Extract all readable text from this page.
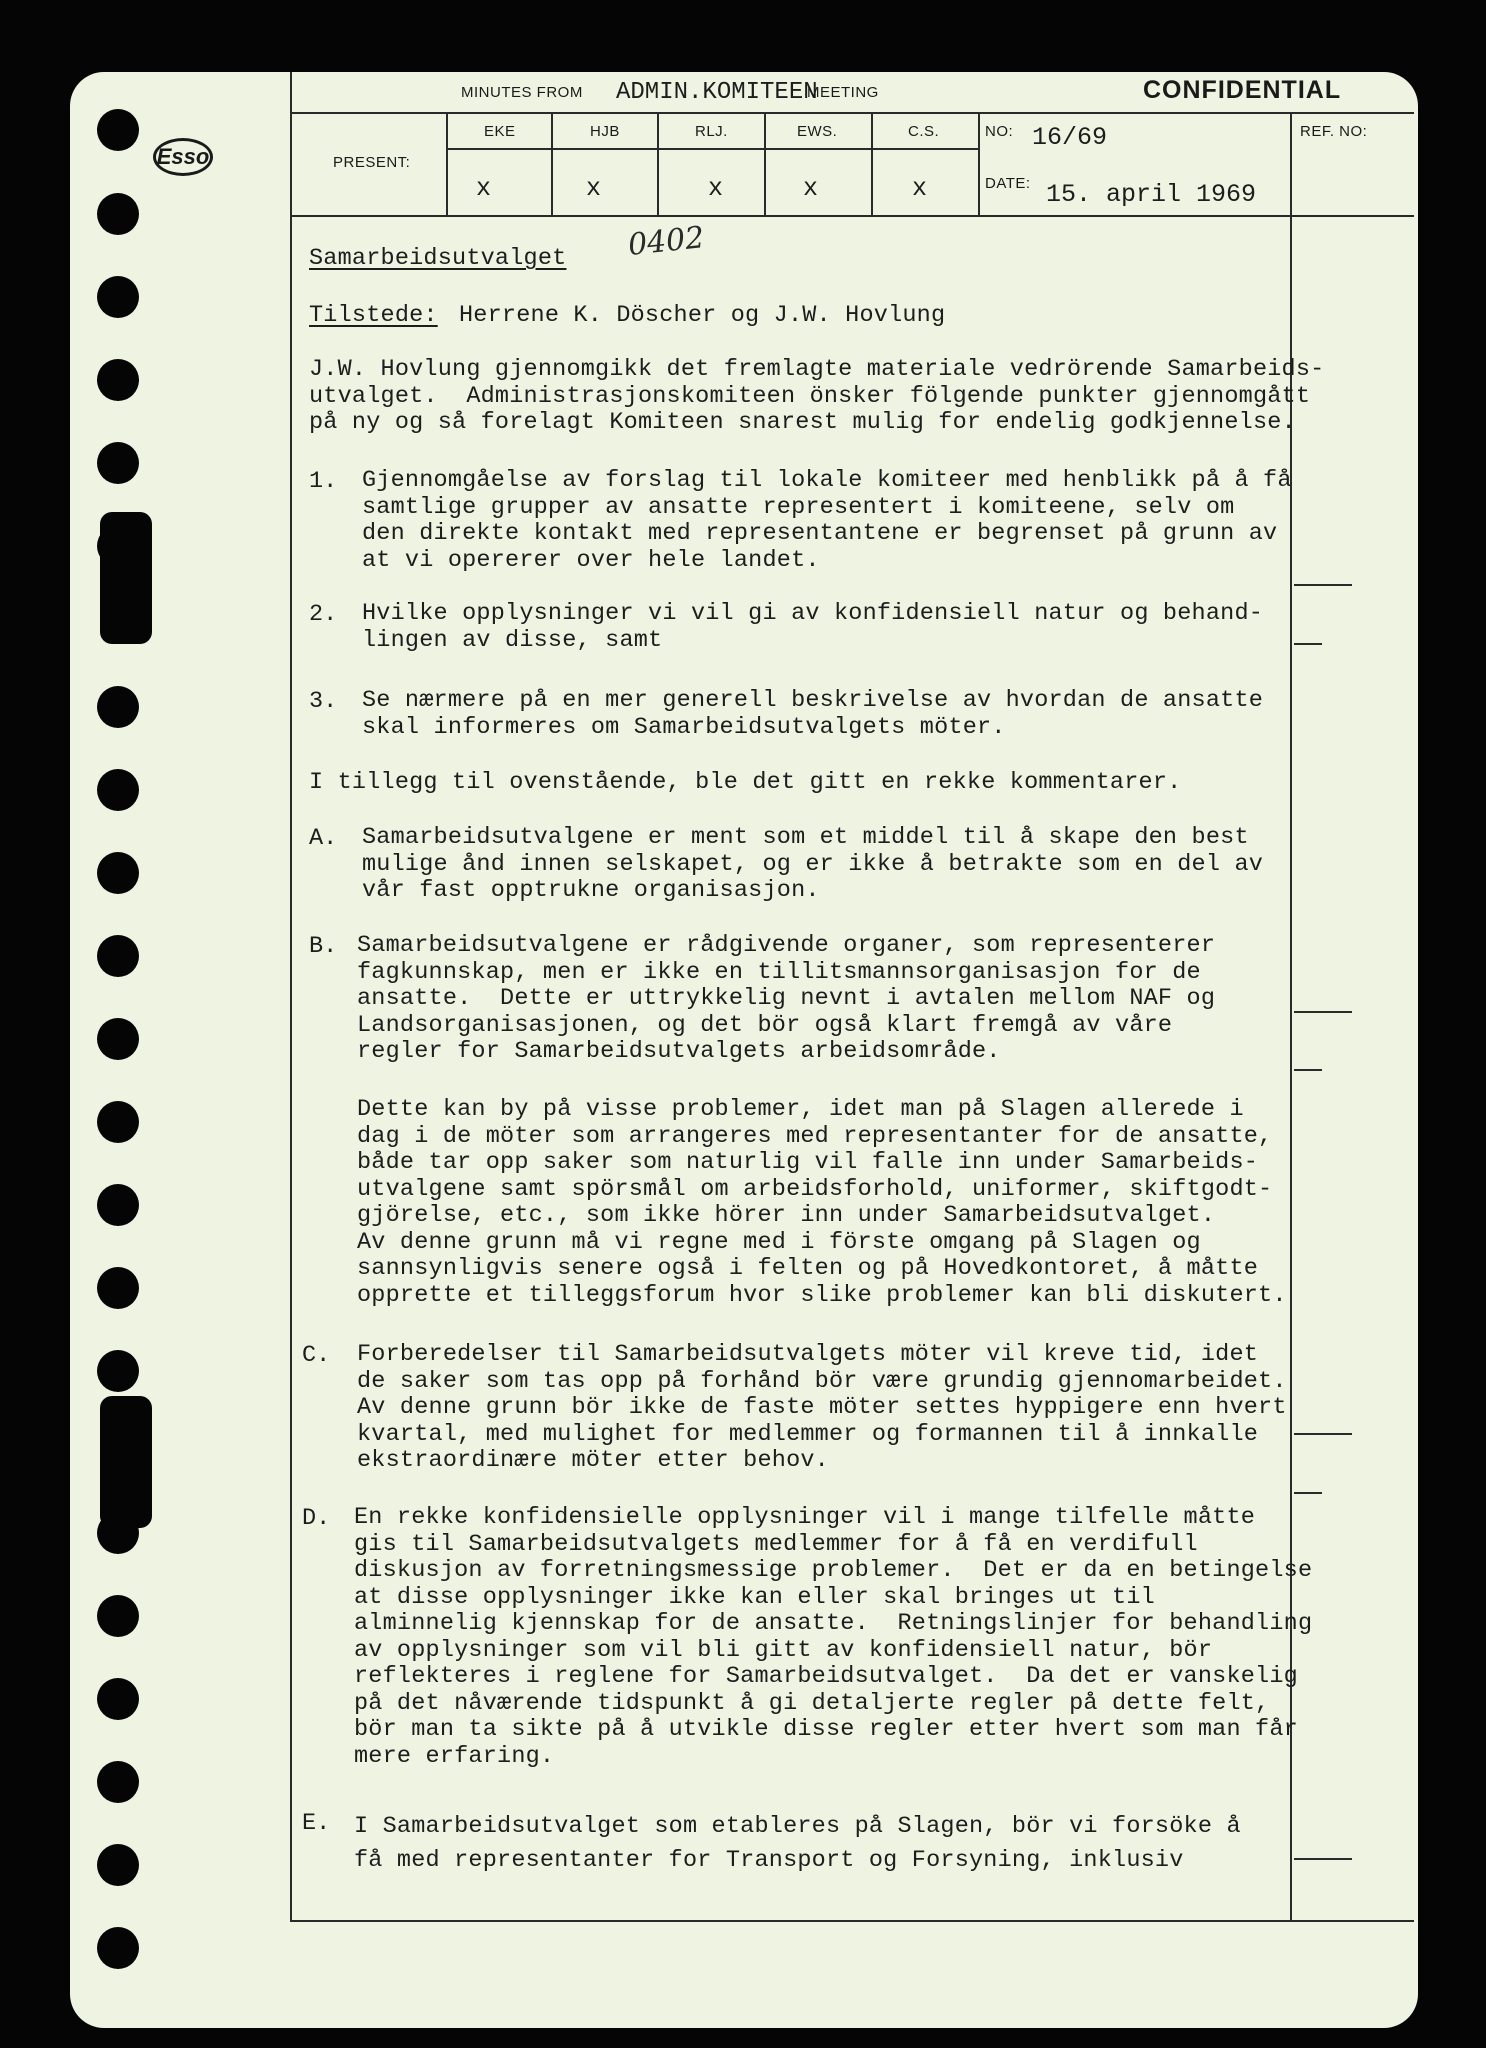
Esso
MINUTES FROM ADMIN.KOMITEEN
MEETING	CONFIDENTIAL
PRESENT:
EKE
x
HJB
x
RLJ.
x
EWS.
x
C.S.
x
NO: 16/69
DATE: 15. april 1969
REF. NO:
0402
Samarbeidsutvalget
Tilstede: Herrene K. Döscher og J.W. Hovlung
J.W. Hovlung gjennomgikk det fremlagte materiale vedrörende Samarbeids-
utvalget.  Administrasjonskomiteen önsker fölgende punkter gjennomgått
på ny og så forelagt Komiteen snarest mulig for endelig godkjennelse.
1. Gjennomgåelse av forslag til lokale komiteer med henblikk på å få
samtlige grupper av ansatte representert i komiteene, selv om
den direkte kontakt med representantene er begrenset på grunn av
at vi opererer over hele landet.
2. Hvilke opplysninger vi vil gi av konfidensiell natur og behand-
lingen av disse, samt
3. Se nærmere på en mer generell beskrivelse av hvordan de ansatte
skal informeres om Samarbeidsutvalgets möter.
I tillegg til ovenstående, ble det gitt en rekke kommentarer.
A. Samarbeidsutvalgene er ment som et middel til å skape den best
mulige ånd innen selskapet, og er ikke å betrakte som en del av
vår fast opptrukne organisasjon.
B. Samarbeidsutvalgene er rådgivende organer, som representerer
fagkunnskap, men er ikke en tillitsmannsorganisasjon for de
ansatte.  Dette er uttrykkelig nevnt i avtalen mellom NAF og
Landsorganisasjonen, og det bör også klart fremgå av våre
regler for Samarbeidsutvalgets arbeidsområde.
Dette kan by på visse problemer, idet man på Slagen allerede i
dag i de möter som arrangeres med representanter for de ansatte,
både tar opp saker som naturlig vil falle inn under Samarbeids-
utvalgene samt spörsmål om arbeidsforhold, uniformer, skiftgodt-
gjörelse, etc., som ikke hörer inn under Samarbeidsutvalget.
Av denne grunn må vi regne med i förste omgang på Slagen og
sannsynligvis senere også i felten og på Hovedkontoret, å måtte
opprette et tilleggsforum hvor slike problemer kan bli diskutert.
C. Forberedelser til Samarbeidsutvalgets möter vil kreve tid, idet
de saker som tas opp på forhånd bör være grundig gjennomarbeidet.
Av denne grunn bör ikke de faste möter settes hyppigere enn hvert
kvartal, med mulighet for medlemmer og formannen til å innkalle
ekstraordinære möter etter behov.
D. En rekke konfidensielle opplysninger vil i mange tilfelle måtte
gis til Samarbeidsutvalgets medlemmer for å få en verdifull
diskusjon av forretningsmessige problemer.  Det er da en betingelse
at disse opplysninger ikke kan eller skal bringes ut til
alminnelig kjennskap for de ansatte.  Retningslinjer for behandling
av opplysninger som vil bli gitt av konfidensiell natur, bör
reflekteres i reglene for Samarbeidsutvalget.  Da det er vanskelig
på det nåværende tidspunkt å gi detaljerte regler på dette felt,
bör man ta sikte på å utvikle disse regler etter hvert som man får
mere erfaring.
E. I Samarbeidsutvalget som etableres på Slagen, bör vi forsöke å
få med representanter for Transport og Forsyning, inklusiv
